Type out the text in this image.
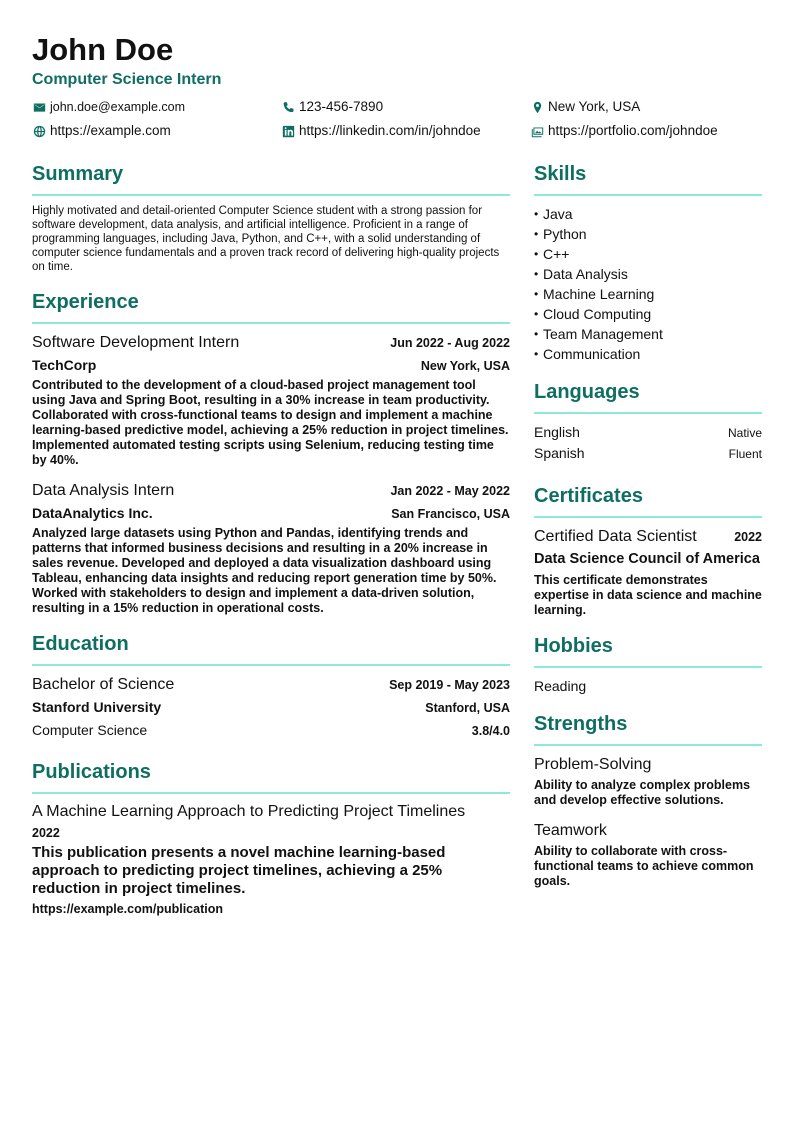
John Doe
Computer Science Intern
john.doe@example.com	123-456-7890	New York, USA
https://example.com	https://linkedin.com/in/johndoe	https://portfolio.com/johndoe
Summary
Highly motivated and detail-oriented Computer Science student with a strong passion for software development, data analysis, and artificial intelligence. Proficient in a range of programming languages, including Java, Python, and C++, with a solid understanding of computer science fundamentals and a proven track record of delivering high-quality projects on time.
Experience
Software Development Intern	Jun 2022 - Aug 2022
TechCorp	New York, USA
Contributed to the development of a cloud-based project management tool using Java and Spring Boot, resulting in a 30% increase in team productivity. Collaborated with cross-functional teams to design and implement a machine learning-based predictive model, achieving a 25% reduction in project timelines. Implemented automated testing scripts using Selenium, reducing testing time by 40%.
Data Analysis Intern	Jan 2022 - May 2022
DataAnalytics Inc.	San Francisco, USA
Analyzed large datasets using Python and Pandas, identifying trends and patterns that informed business decisions and resulting in a 20% increase in sales revenue. Developed and deployed a data visualization dashboard using Tableau, enhancing data insights and reducing report generation time by 50%. Worked with stakeholders to design and implement a data-driven solution, resulting in a 15% reduction in operational costs.
Education
Bachelor of Science	Sep 2019 - May 2023
Stanford University	Stanford, USA
Computer Science	3.8/4.0
Publications
A Machine Learning Approach to Predicting Project Timelines
2022
This publication presents a novel machine learning-based approach to predicting project timelines, achieving a 25% reduction in project timelines.
https://example.com/publication
Skills
• Java
• Python
• C++
• Data Analysis
• Machine Learning
• Cloud Computing
• Team Management
• Communication
Languages
English	Native
Spanish	Fluent
Certificates
Certified Data Scientist	2022
Data Science Council of America
This certificate demonstrates expertise in data science and machine learning.
Hobbies
Reading
Strengths
Problem-Solving
Ability to analyze complex problems and develop effective solutions.
Teamwork
Ability to collaborate with cross-functional teams to achieve common goals.
